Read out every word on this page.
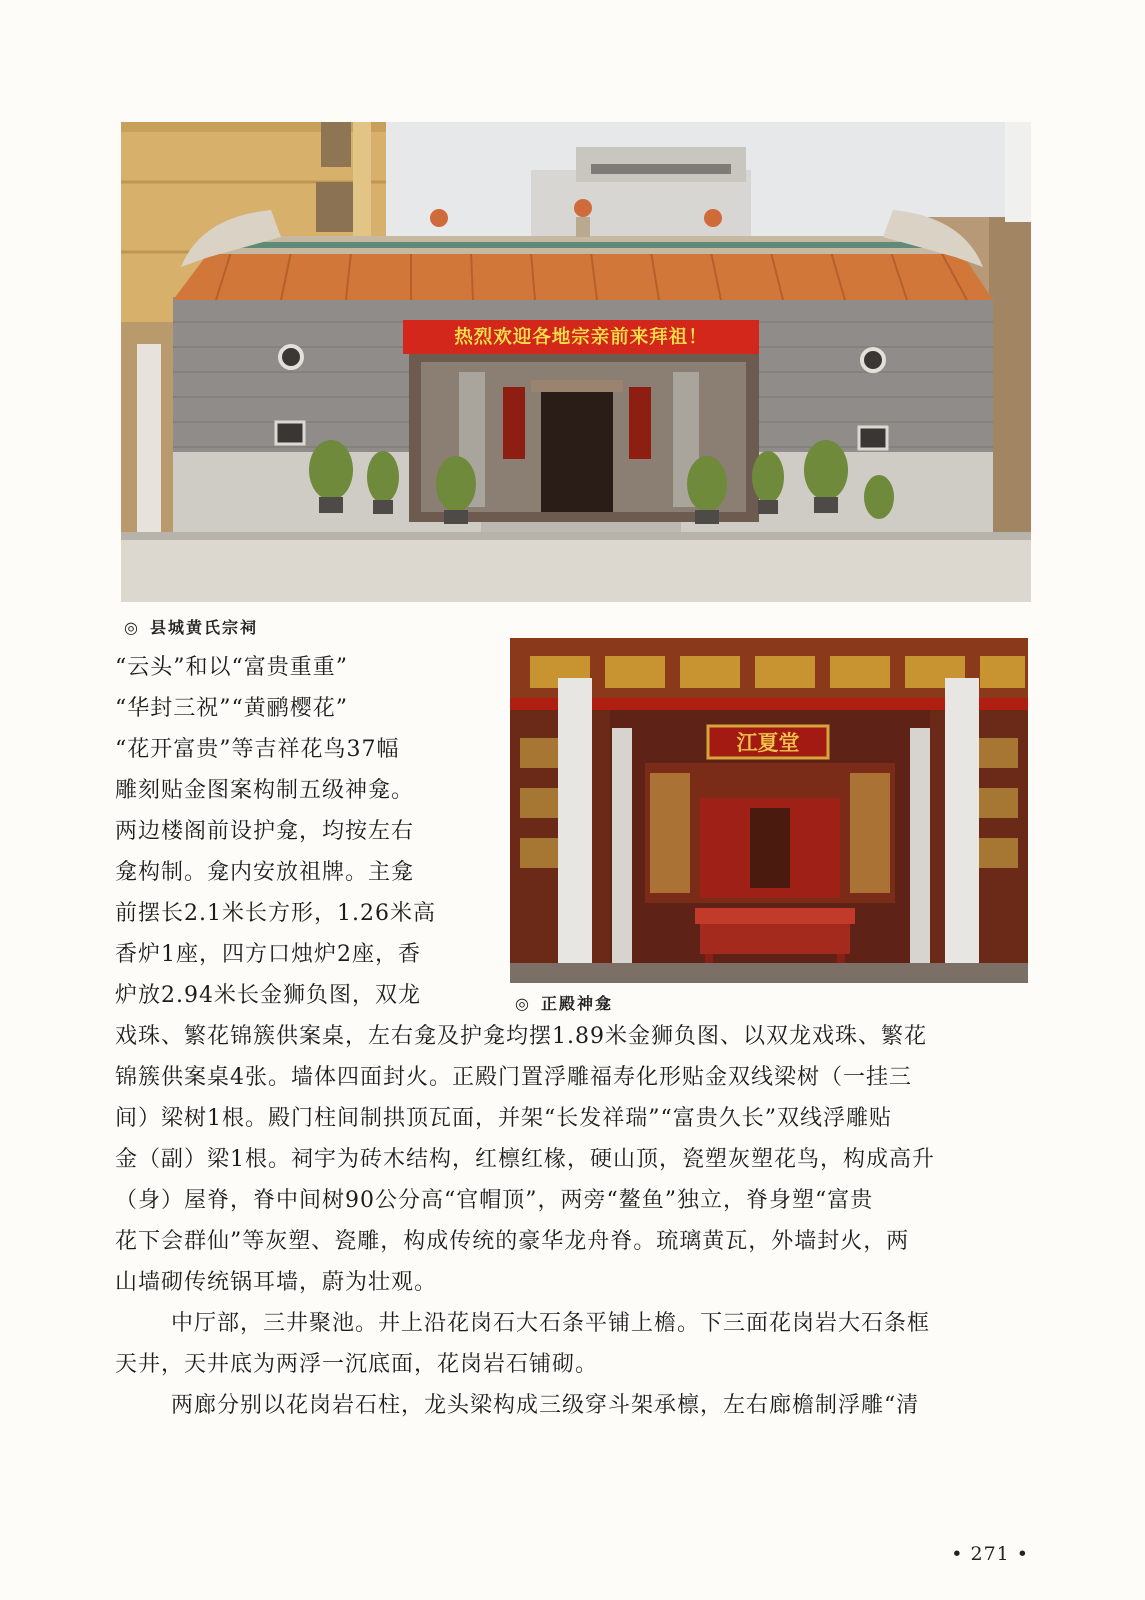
热烈欢迎各地宗亲前来拜祖！
◎ 县城黄氏宗祠
江夏堂
◎ 正殿神龛
“云头”和以“富贵重重”
“华封三祝”“黄鹂樱花”
“花开富贵”等吉祥花鸟37幅
雕刻贴金图案构制五级神龛。
两边楼阁前设护龛，均按左右
龛构制。龛内安放祖牌。主龛
前摆长2.1米长方形，1.26米高
香炉1座，四方口烛炉2座，香
炉放2.94米长金狮负图，双龙

戏珠、繁花锦簇供案桌，左右龛及护龛均摆1.89米金狮负图、以双龙戏珠、繁花
锦簇供案桌4张。墙体四面封火。正殿门置浮雕福寿化形贴金双线梁树（一挂三
间）梁树1根。殿门柱间制拱顶瓦面，并架“长发祥瑞”“富贵久长”双线浮雕贴
金（副）梁1根。祠宇为砖木结构，红檩红椽，硬山顶，瓷塑灰塑花鸟，构成高升
（身）屋脊，脊中间树90公分高“官帽顶”，两旁“鳌鱼”独立，脊身塑“富贵
花下会群仙”等灰塑、瓷雕，构成传统的豪华龙舟脊。琉璃黄瓦，外墙封火，两
山墙砌传统锅耳墙，蔚为壮观。

中厅部，三井聚池。井上沿花岗石大石条平铺上檐。下三面花岗岩大石条框
天井，天井底为两浮一沉底面，花岗岩石铺砌。

两廊分别以花岗岩石柱，龙头梁构成三级穿斗架承檩，左右廊檐制浮雕“清

• 271 •
